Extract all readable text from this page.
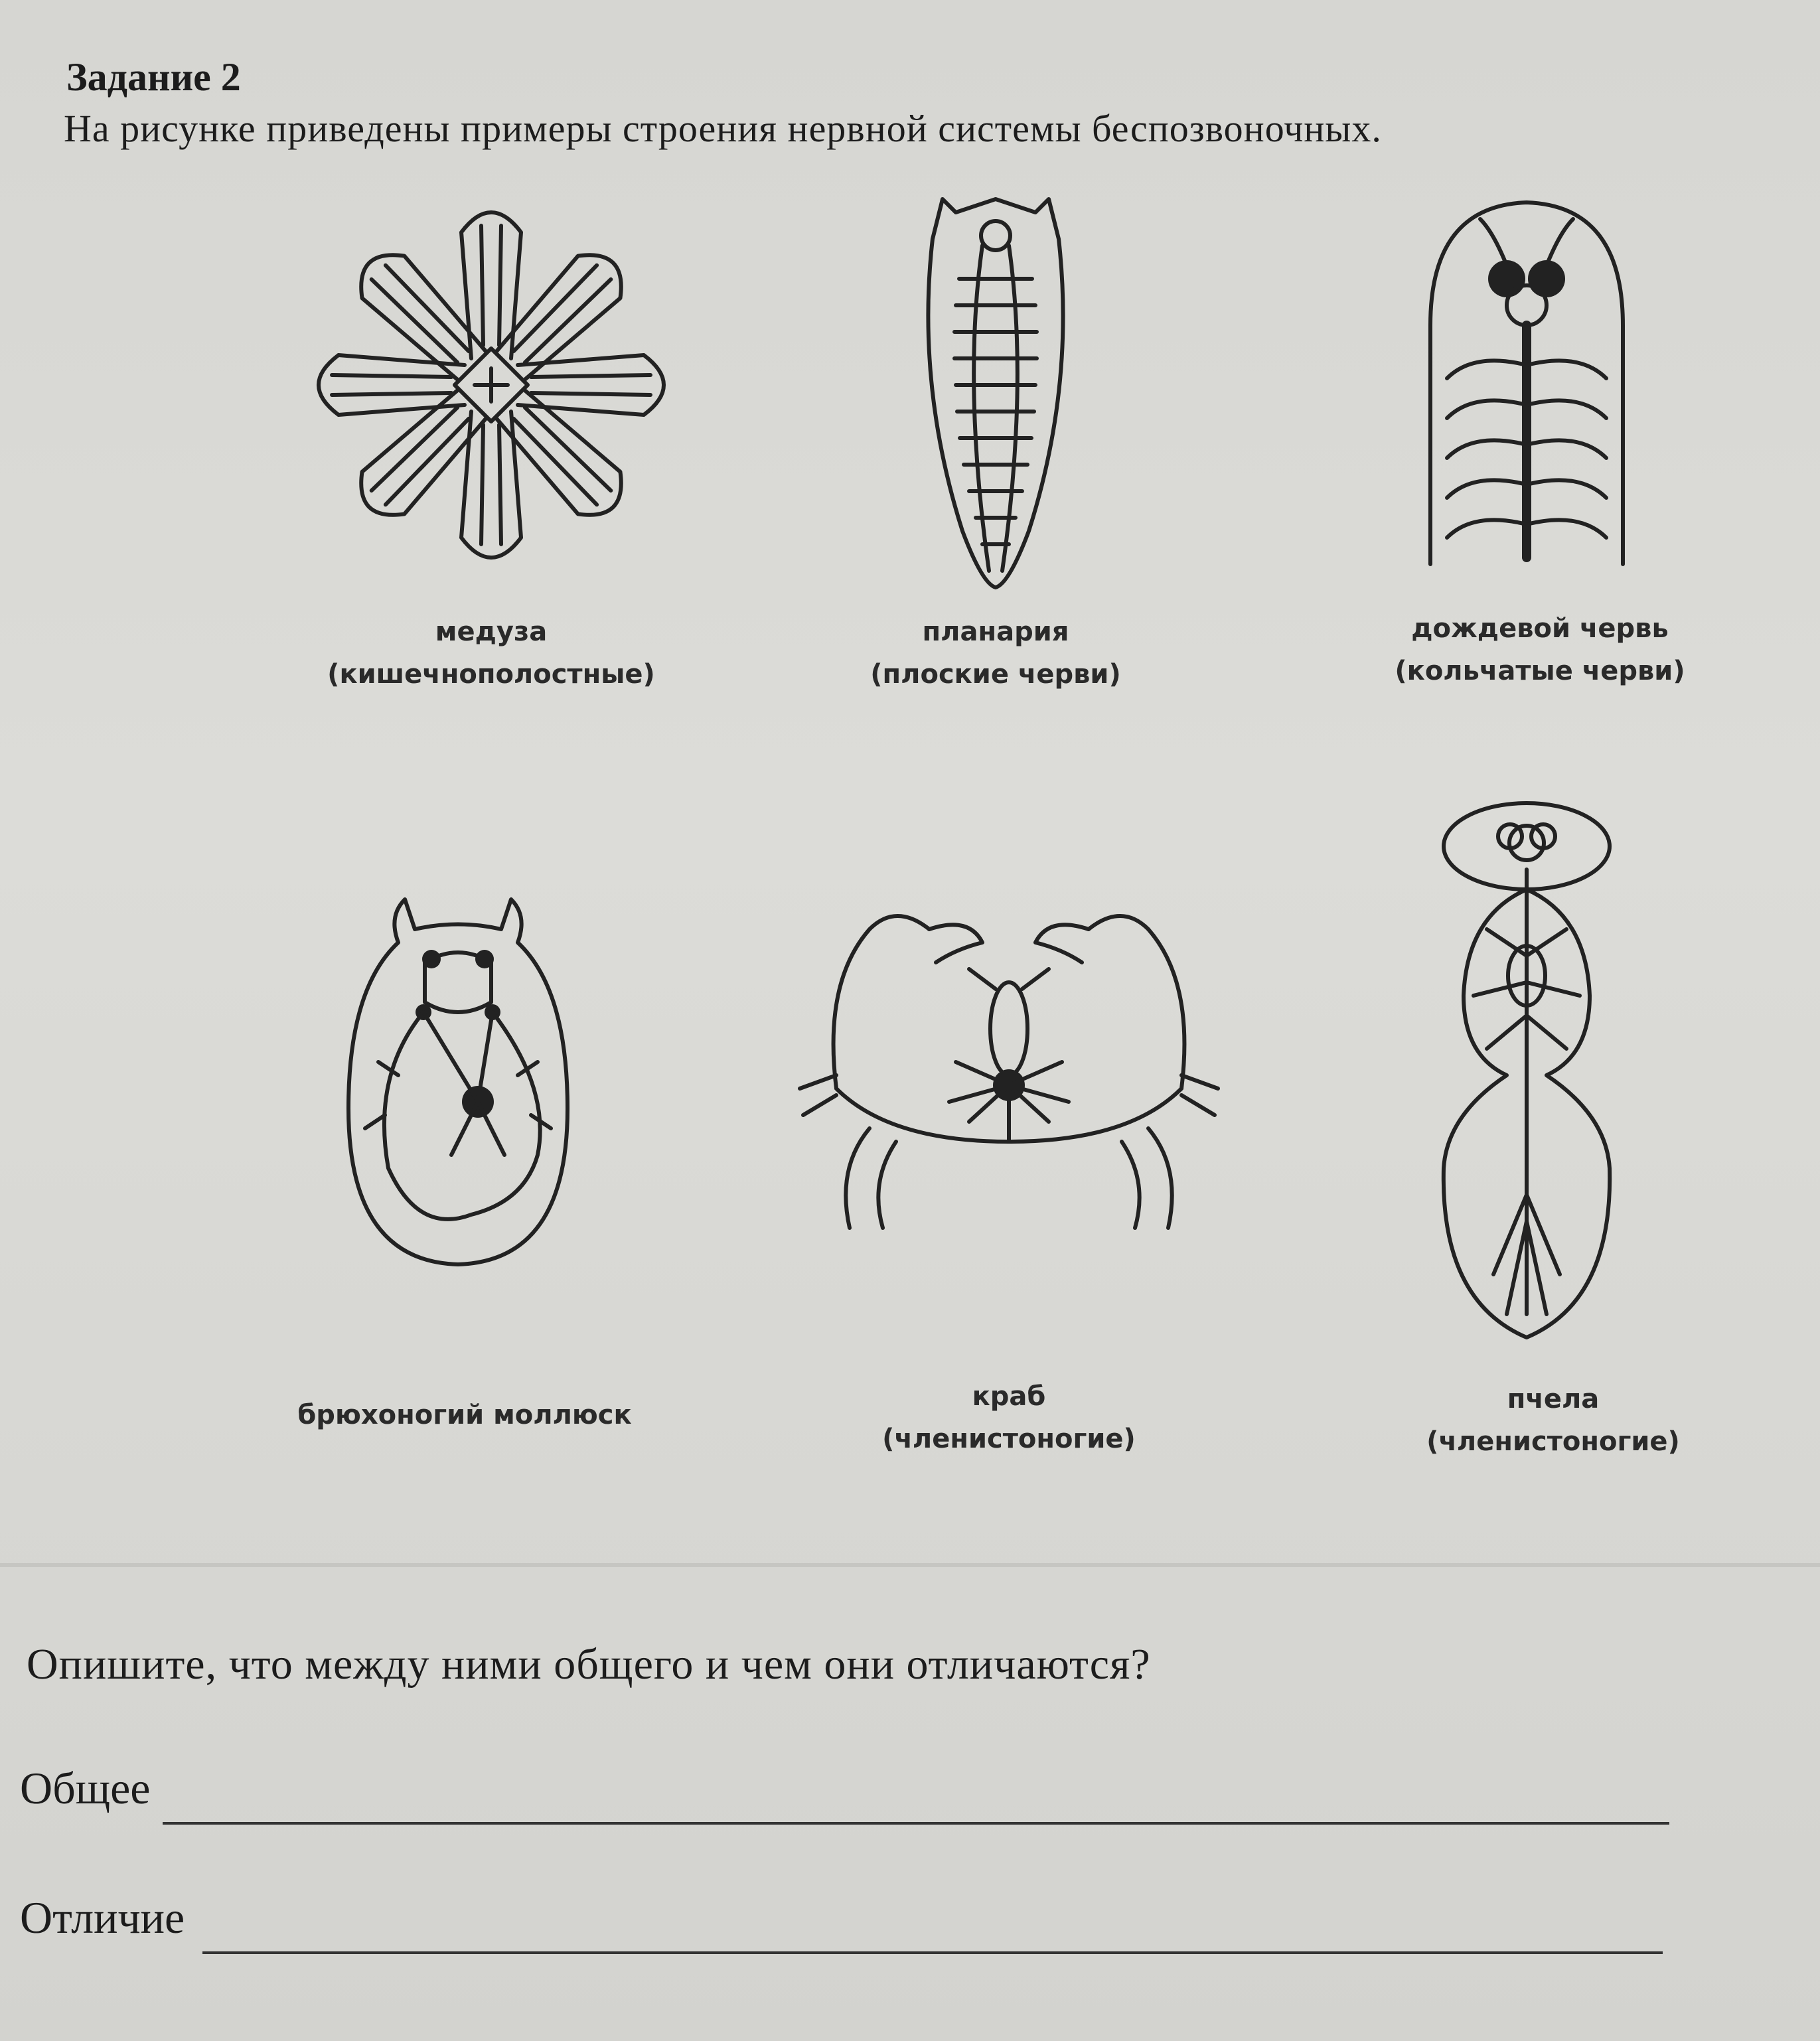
Задание 2
На рисунке приведены примеры строения нервной системы беспозвоночных.
медуза
(кишечнополостные)
планария
(плоские черви)
дождевой червь
(кольчатые черви)
брюхоногий моллюск
краб
(членистоногие)
пчела
(членистоногие)
Опишите, что между ними общего и чем они отличаются?
Общее
Отличие
